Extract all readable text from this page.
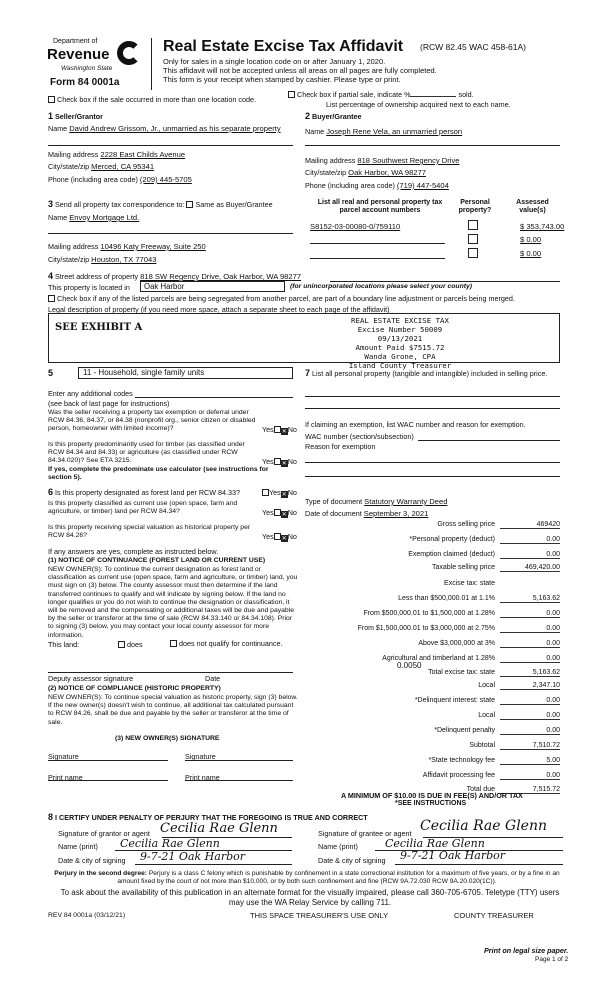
Department of
Revenue
Washington State
Form 84 0001a
Real Estate Excise Tax Affidavit (RCW 82.45 WAC 458-61A)
Only for sales in a single location code on or after January 1, 2020.
This affidavit will not be accepted unless all areas on all pages are fully completed.
This form is your receipt when stamped by cashier. Please type or print.
Check box if the sale occurred in more than one location code.
Check box if partial sale, indicate %	sold.
List percentage of ownership acquired next to each name.
1 Seller/Grantor
Name David Andrew Grissom, Jr., unmarried as his separate property
Mailing address 2228 East Childs Avenue
City/state/zip Merced, CA 95341
Phone (including area code) (209) 445-5705
2 Buyer/Grantee
Name Joseph Rene Vela, an unmarried person
Mailing address 818 Southwest Regency Drive
City/state/zip Oak Harbor, WA 98277
Phone (including area code) (719) 447-5404
3 Send all property tax correspondence to: Same as Buyer/Grantee
Name Envoy Mortgage Ltd.
Mailing address 10496 Katy Freeway, Suite 250
City/state/zip Houston, TX 77043
List all real and personal property tax parcel account numbers
Personal property?
Assessed value(s)
S8152-03-00080-0/759110	$ 353,743.00
$ 0.00
$ 0.00
4 Street address of property 818 SW Regency Drive, Oak Harbor, WA 98277
This property is located in	Oak Harbor	(for unincorporated locations please select your county)
Check box if any of the listed parcels are being segregated from another parcel, are part of a boundary line adjustment or parcels being merged.
Legal description of property (if you need more space, attach a separate sheet to each page of the affidavit)
SEE EXHIBIT A
REAL ESTATE EXCISE TAX
Excise Number 50009
09/13/2021
Amount Paid $7515.72
Wanda Grone, CPA
Island County Treasurer
5	11 - Household, single family units
Enter any additional codes
(see back of last page for instructions)
Was the seller receiving a property tax exemption or deferral under RCW 84.36, 84.37, or 84.38 (nonprofit org., senior citizen or disabled person, homeowner with limited income)?	Yes ✕No
Is this property predominantly used for timber (as classified under RCW 84.34 and 84.33) or agriculture (as classified under RCW 84.34.020)? See ETA 3215.	Yes ✕No
If yes, complete the predominate use calculator (see instructions for section 5).
6 Is this property designated as forest land per RCW 84.33?	Yes✕No
Is this property classified as current use (open space, farm and agriculture, or timber) land per RCW 84.34?	Yes ✕No
Is this property receiving special valuation as historical property per RCW 84.26?	Yes ✕No
If any answers are yes, complete as instructed below.
(1) NOTICE OF CONTINUANCE (FOREST LAND OR CURRENT USE)
NEW OWNER(S): To continue the current designation as forest land or classification as current use (open space, farm and agriculture, or timber) land, you must sign on (3) below. The county assessor must then determine if the land transferred continues to qualify and will indicate by signing below. If the land no longer qualifies or you do not wish to continue the designation or classification, it will be removed and the compensating or additional taxes will be due and payable by the seller or transferor at the time of sale (RCW 84.33.140 or 84.34.108). Prior to signing (3) below, you may contact your local county assessor for more information.
This land:	does	does not qualify for continuance.
Deputy assessor signature	Date
(2) NOTICE OF COMPLIANCE (HISTORIC PROPERTY)
NEW OWNER(S): To continue special valuation as historic property, sign (3) below. If the new owner(s) doesn't wish to continue, all additional tax calculated pursuant to RCW 84.26, shall be due and payable by the seller or transferor at the time of sale.
(3) NEW OWNER(S) SIGNATURE
Signature	Signature
Print name	Print name
7 List all personal property (tangible and intangible) included in selling price.
If claiming an exemption, list WAC number and reason for exemption.
WAC number (section/subsection)
Reason for exemption
Type of document Statutory Warranty Deed
Date of document September 3, 2021
Gross selling price	469420
*Personal property (deduct)	0.00
Exemption claimed (deduct)	0.00
Taxable selling price	469,420.00
Excise tax: state
Less than $500,000.01 at 1.1%	5,163.62
From $500,000.01 to $1,500,000 at 1.28%	0.00
From $1,500,000.01 to $3,000,000 at 2.75%	0.00
Above $3,000,000 at 3%	0.00
Agricultural and timberland at 1.28%	0.00
Total excise tax: state	5,163.62
Local	2,347.10
*Delinquent interest: state	0.00
Local	0.00
*Delinquent penalty	0.00
Subtotal	7,510.72
*State technology fee	5.00
Affidavit processing fee	0.00
Total due	7,515.72
0.0050
A MINIMUM OF $10.00 IS DUE IN FEE(S) AND/OR TAX
*SEE INSTRUCTIONS
8 I CERTIFY UNDER PENALTY OF PERJURY THAT THE FOREGOING IS TRUE AND CORRECT
Signature of grantor or agent Cecilia Rae Glenn
Name (print) Cecilia Rae Glenn
Date & city of signing 9-7-21 Oak Harbor
Signature of grantee or agent Cecilia Rae Glenn
Name (print) Cecilia Rae Glenn
Date & city of signing 9-7-21 Oak Harbor
Perjury in the second degree: Perjury is a class C felony which is punishable by confinement in a state correctional institution for a maximum of five years, or by a fine in an amount fixed by the court of not more than $10,000, or by both such confinement and fine (RCW 9A.72.030 RCW 9A.20.020(1C)).
To ask about the availability of this publication in an alternate format for the visually impaired, please call 360-705-6705. Teletype (TTY) users may use the WA Relay Service by calling 711.
REV 84 0001a (03/12/21)	THIS SPACE TREASURER'S USE ONLY	COUNTY TREASURER
Print on legal size paper.
Page 1 of 2
